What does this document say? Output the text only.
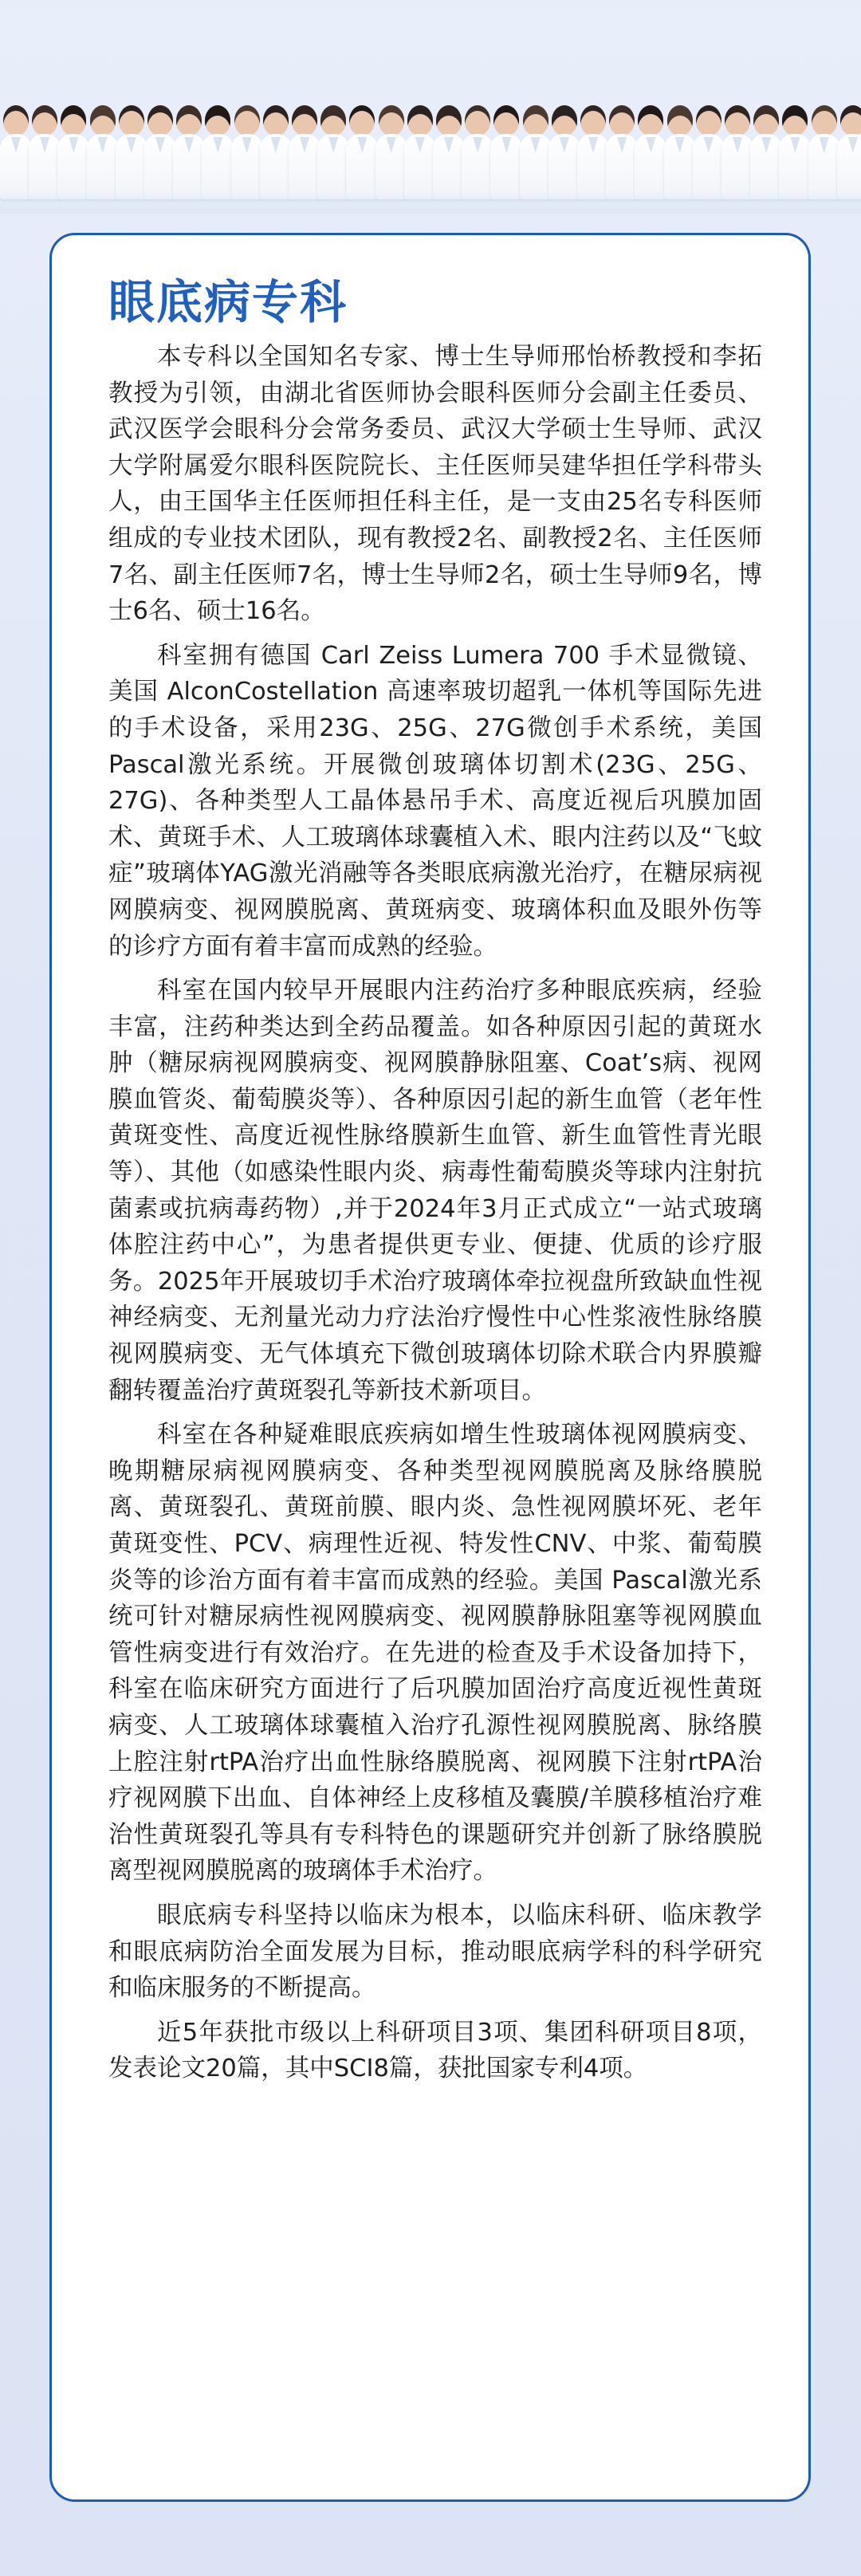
眼底病专科

本专科以全国知名专家、博士生导师邢怡桥教授和李拓教授为引领，由湖北省医师协会眼科医师分会副主任委员、武汉医学会眼科分会常务委员、武汉大学硕士生导师、武汉大学附属爱尔眼科医院院长、主任医师吴建华担任学科带头人，由王国华主任医师担任科主任，是一支由25名专科医师组成的专业技术团队，现有教授2名、副教授2名、主任医师7名、副主任医师7名，博士生导师2名，硕士生导师9名，博士6名、硕士16名。

科室拥有德国 Carl Zeiss Lumera 700 手术显微镜、美国 AlconCostellation 高速率玻切超乳一体机等国际先进的手术设备，采用23G、25G、27G微创手术系统，美国 Pascal激光系统。开展微创玻璃体切割术(23G、25G、27G)、各种类型人工晶体悬吊手术、高度近视后巩膜加固术、黄斑手术、人工玻璃体球囊植入术、眼内注药以及“飞蚊症”玻璃体YAG激光消融等各类眼底病激光治疗，在糖尿病视网膜病变、视网膜脱离、黄斑病变、玻璃体积血及眼外伤等的诊疗方面有着丰富而成熟的经验。

科室在国内较早开展眼内注药治疗多种眼底疾病，经验丰富，注药种类达到全药品覆盖。如各种原因引起的黄斑水肿（糖尿病视网膜病变、视网膜静脉阻塞、Coat’s病、视网膜血管炎、葡萄膜炎等）、各种原因引起的新生血管（老年性黄斑变性、高度近视性脉络膜新生血管、新生血管性青光眼等）、其他（如感染性眼内炎、病毒性葡萄膜炎等球内注射抗菌素或抗病毒药物）,并于2024年3月正式成立“一站式玻璃体腔注药中心”，为患者提供更专业、便捷、优质的诊疗服务。2025年开展玻切手术治疗玻璃体牵拉视盘所致缺血性视神经病变、无剂量光动力疗法治疗慢性中心性浆液性脉络膜视网膜病变、无气体填充下微创玻璃体切除术联合内界膜瓣翻转覆盖治疗黄斑裂孔等新技术新项目。

科室在各种疑难眼底疾病如增生性玻璃体视网膜病变、晚期糖尿病视网膜病变、各种类型视网膜脱离及脉络膜脱离、黄斑裂孔、黄斑前膜、眼内炎、急性视网膜坏死、老年黄斑变性、PCV、病理性近视、特发性CNV、中浆、葡萄膜炎等的诊治方面有着丰富而成熟的经验。美国 Pascal激光系统可针对糖尿病性视网膜病变、视网膜静脉阻塞等视网膜血管性病变进行有效治疗。在先进的检查及手术设备加持下，科室在临床研究方面进行了后巩膜加固治疗高度近视性黄斑病变、人工玻璃体球囊植入治疗孔源性视网膜脱离、脉络膜上腔注射rtPA治疗出血性脉络膜脱离、视网膜下注射rtPA治疗视网膜下出血、自体神经上皮移植及囊膜/羊膜移植治疗难治性黄斑裂孔等具有专科特色的课题研究并创新了脉络膜脱离型视网膜脱离的玻璃体手术治疗。

眼底病专科坚持以临床为根本，以临床科研、临床教学和眼底病防治全面发展为目标，推动眼底病学科的科学研究和临床服务的不断提高。

近5年获批市级以上科研项目3项、集团科研项目8项，发表论文20篇，其中SCI8篇，获批国家专利4项。
